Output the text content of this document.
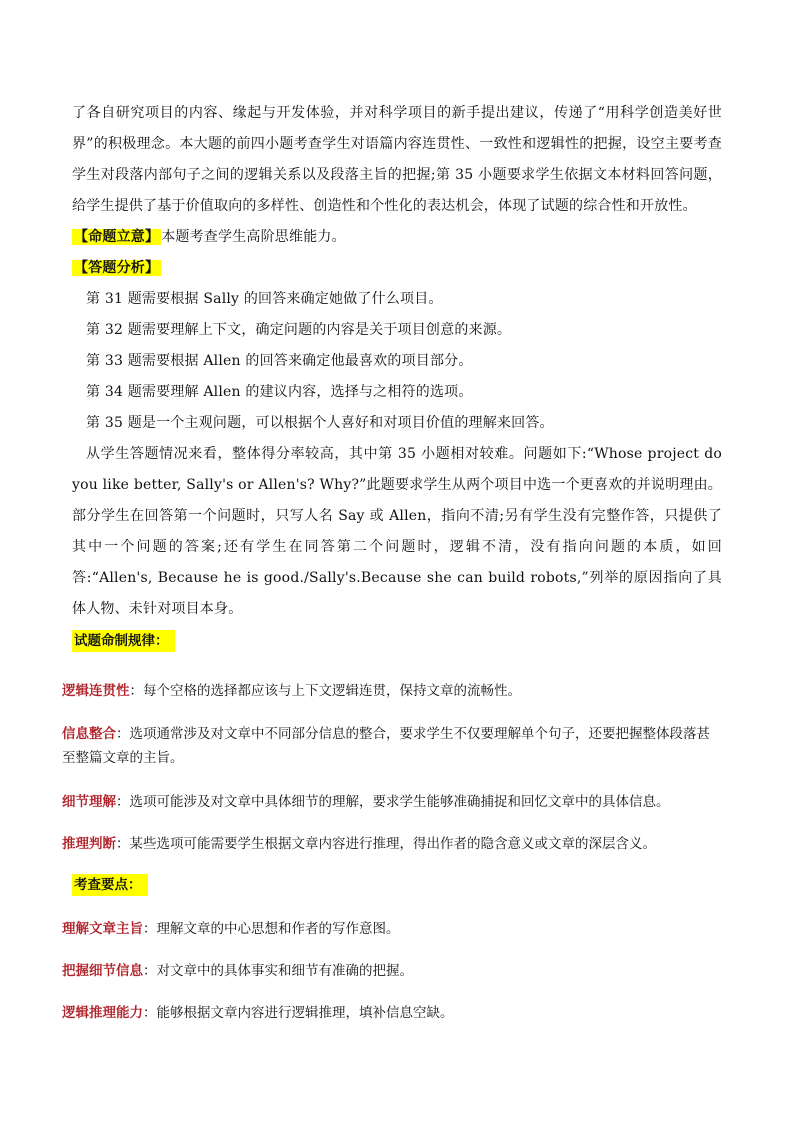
了各自研究项目的内容、缘起与开发体验，并对科学项目的新手提出建议，传递了“用科学创造美好世界”的积极理念。本大题的前四小题考查学生对语篇内容连贯性、一致性和逻辑性的把握，设空主要考查学生对段落内部句子之间的逻辑关系以及段落主旨的把握;第 35 小题要求学生依据文本材料回答问题，给学生提供了基于价值取向的多样性、创造性和个性化的表达机会，体现了试题的综合性和开放性。

【命题立意】 本题考查学生高阶思维能力。

【答题分析】

第 31 题需要根据 Sally 的回答来确定她做了什么项目。

第 32 题需要理解上下文，确定问题的内容是关于项目创意的来源。

第 33 题需要根据 Allen 的回答来确定他最喜欢的项目部分。

第 34 题需要理解 Allen 的建议内容，选择与之相符的选项。

第 35 题是一个主观问题，可以根据个人喜好和对项目价值的理解来回答。

从学生答题情况来看，整体得分率较高，其中第 35 小题相对较难。问题如下:“Whose project do you like better, Sally's or Allen's? Why?”此题要求学生从两个项目中选一个更喜欢的并说明理由。部分学生在回答第一个问题时，只写人名 Say 或 Allen，指向不清;另有学生没有完整作答，只提供了其中一个问题的答案;还有学生在同答第二个问题时，逻辑不清，没有指向问题的本质，如回答:“Allen's, Because he is good./Sally's.Because she can build robots,”列举的原因指向了具体人物、未针对项目本身。

试题命制规律：

逻辑连贯性：每个空格的选择都应该与上下文逻辑连贯，保持文章的流畅性。

信息整合：选项通常涉及对文章中不同部分信息的整合，要求学生不仅要理解单个句子，还要把握整体段落甚至整篇文章的主旨。

细节理解：选项可能涉及对文章中具体细节的理解，要求学生能够准确捕捉和回忆文章中的具体信息。

推理判断：某些选项可能需要学生根据文章内容进行推理，得出作者的隐含意义或文章的深层含义。

考查要点：

理解文章主旨：理解文章的中心思想和作者的写作意图。

把握细节信息：对文章中的具体事实和细节有准确的把握。

逻辑推理能力：能够根据文章内容进行逻辑推理，填补信息空缺。
